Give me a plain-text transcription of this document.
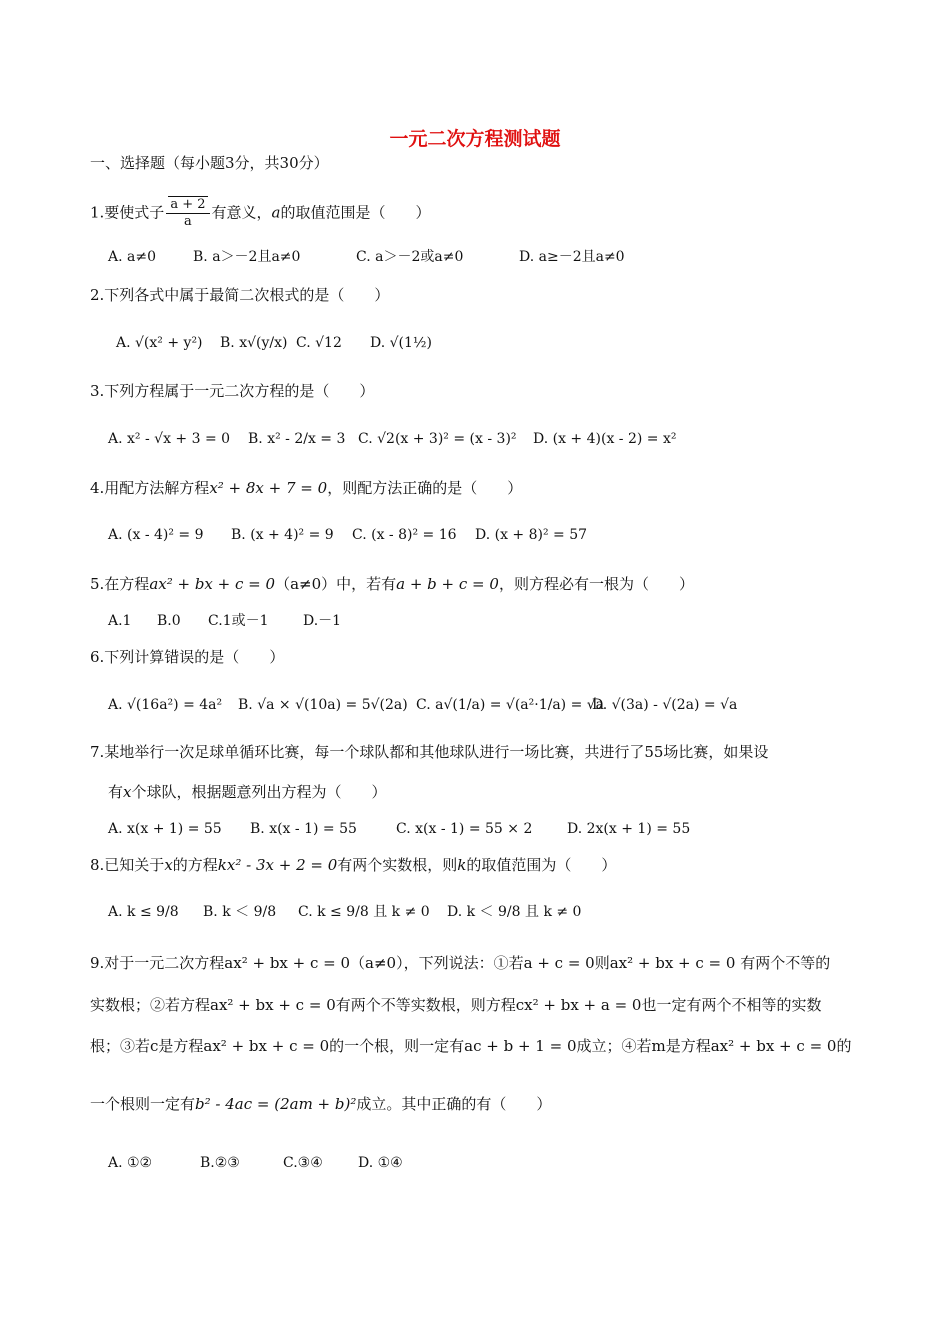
一元二次方程测试题
一、选择题（每小题3分，共30分）
1.要使式子 $\frac{a + 2}{a}$ 有意义，a的取值范围是（　　）
A. a≠0	B. a＞－2且a≠0	C. a＞－2或a≠0	D. a≥－2且a≠0
2.下列各式中属于最简二次根式的是（　　）
A. √(x² + y²) B. x√(y/x) C. √12 D. √(1½)
3.下列方程属于一元二次方程的是（　　）
A. x² - √x + 3 = 0 B. x² - 2/x = 3 C. √2(x + 3)² = (x - 3)² D. (x + 4)(x - 2) = x²
4.用配方法解方程x² + 8x + 7 = 0，则配方法正确的是（　　）
A. (x - 4)² = 9 B. (x + 4)² = 9 C. (x - 8)² = 16 D. (x + 8)² = 57
5.在方程ax² + bx + c = 0（a≠0）中，若有a + b + c = 0，则方程必有一根为（　　）
A.1 B.0 C.1或－1 D.－1
6.下列计算错误的是（　　）
A. √(16a²) = 4a² B. √a × √(10a) = 5√(2a) C. a√(1/a) = √(a²·1/a) = √a
D. √(3a) - √(2a) = √a
7.某地举行一次足球单循环比赛，每一个球队都和其他球队进行一场比赛，共进行了55场比赛，如果设
有x个球队，根据题意列出方程为（　　）
A. x(x + 1) = 55 B. x(x - 1) = 55	C. x(x - 1) = 55 × 2 D. 2x(x + 1) = 55
8.已知关于x的方程kx² - 3x + 2 = 0有两个实数根，则k的取值范围为（　　）
A. k ≤ 9/8 B. k ＜ 9/8 C. k ≤ 9/8 且 k ≠ 0 D. k ＜ 9/8 且 k ≠ 0
9.对于一元二次方程ax² + bx + c = 0（a≠0），下列说法：①若a + c = 0则ax² + bx + c = 0 有两个不等的
实数根；②若方程ax² + bx + c = 0有两个不等实数根，则方程cx² + bx + a = 0也一定有两个不相等的实数
根；③若c是方程ax² + bx + c = 0的一个根，则一定有ac + b + 1 = 0成立；④若m是方程ax² + bx + c = 0的
一个根则一定有b² - 4ac = (2am + b)²成立。其中正确的有（　　）
A. ①②	B.②③	C.③④	D. ①④
